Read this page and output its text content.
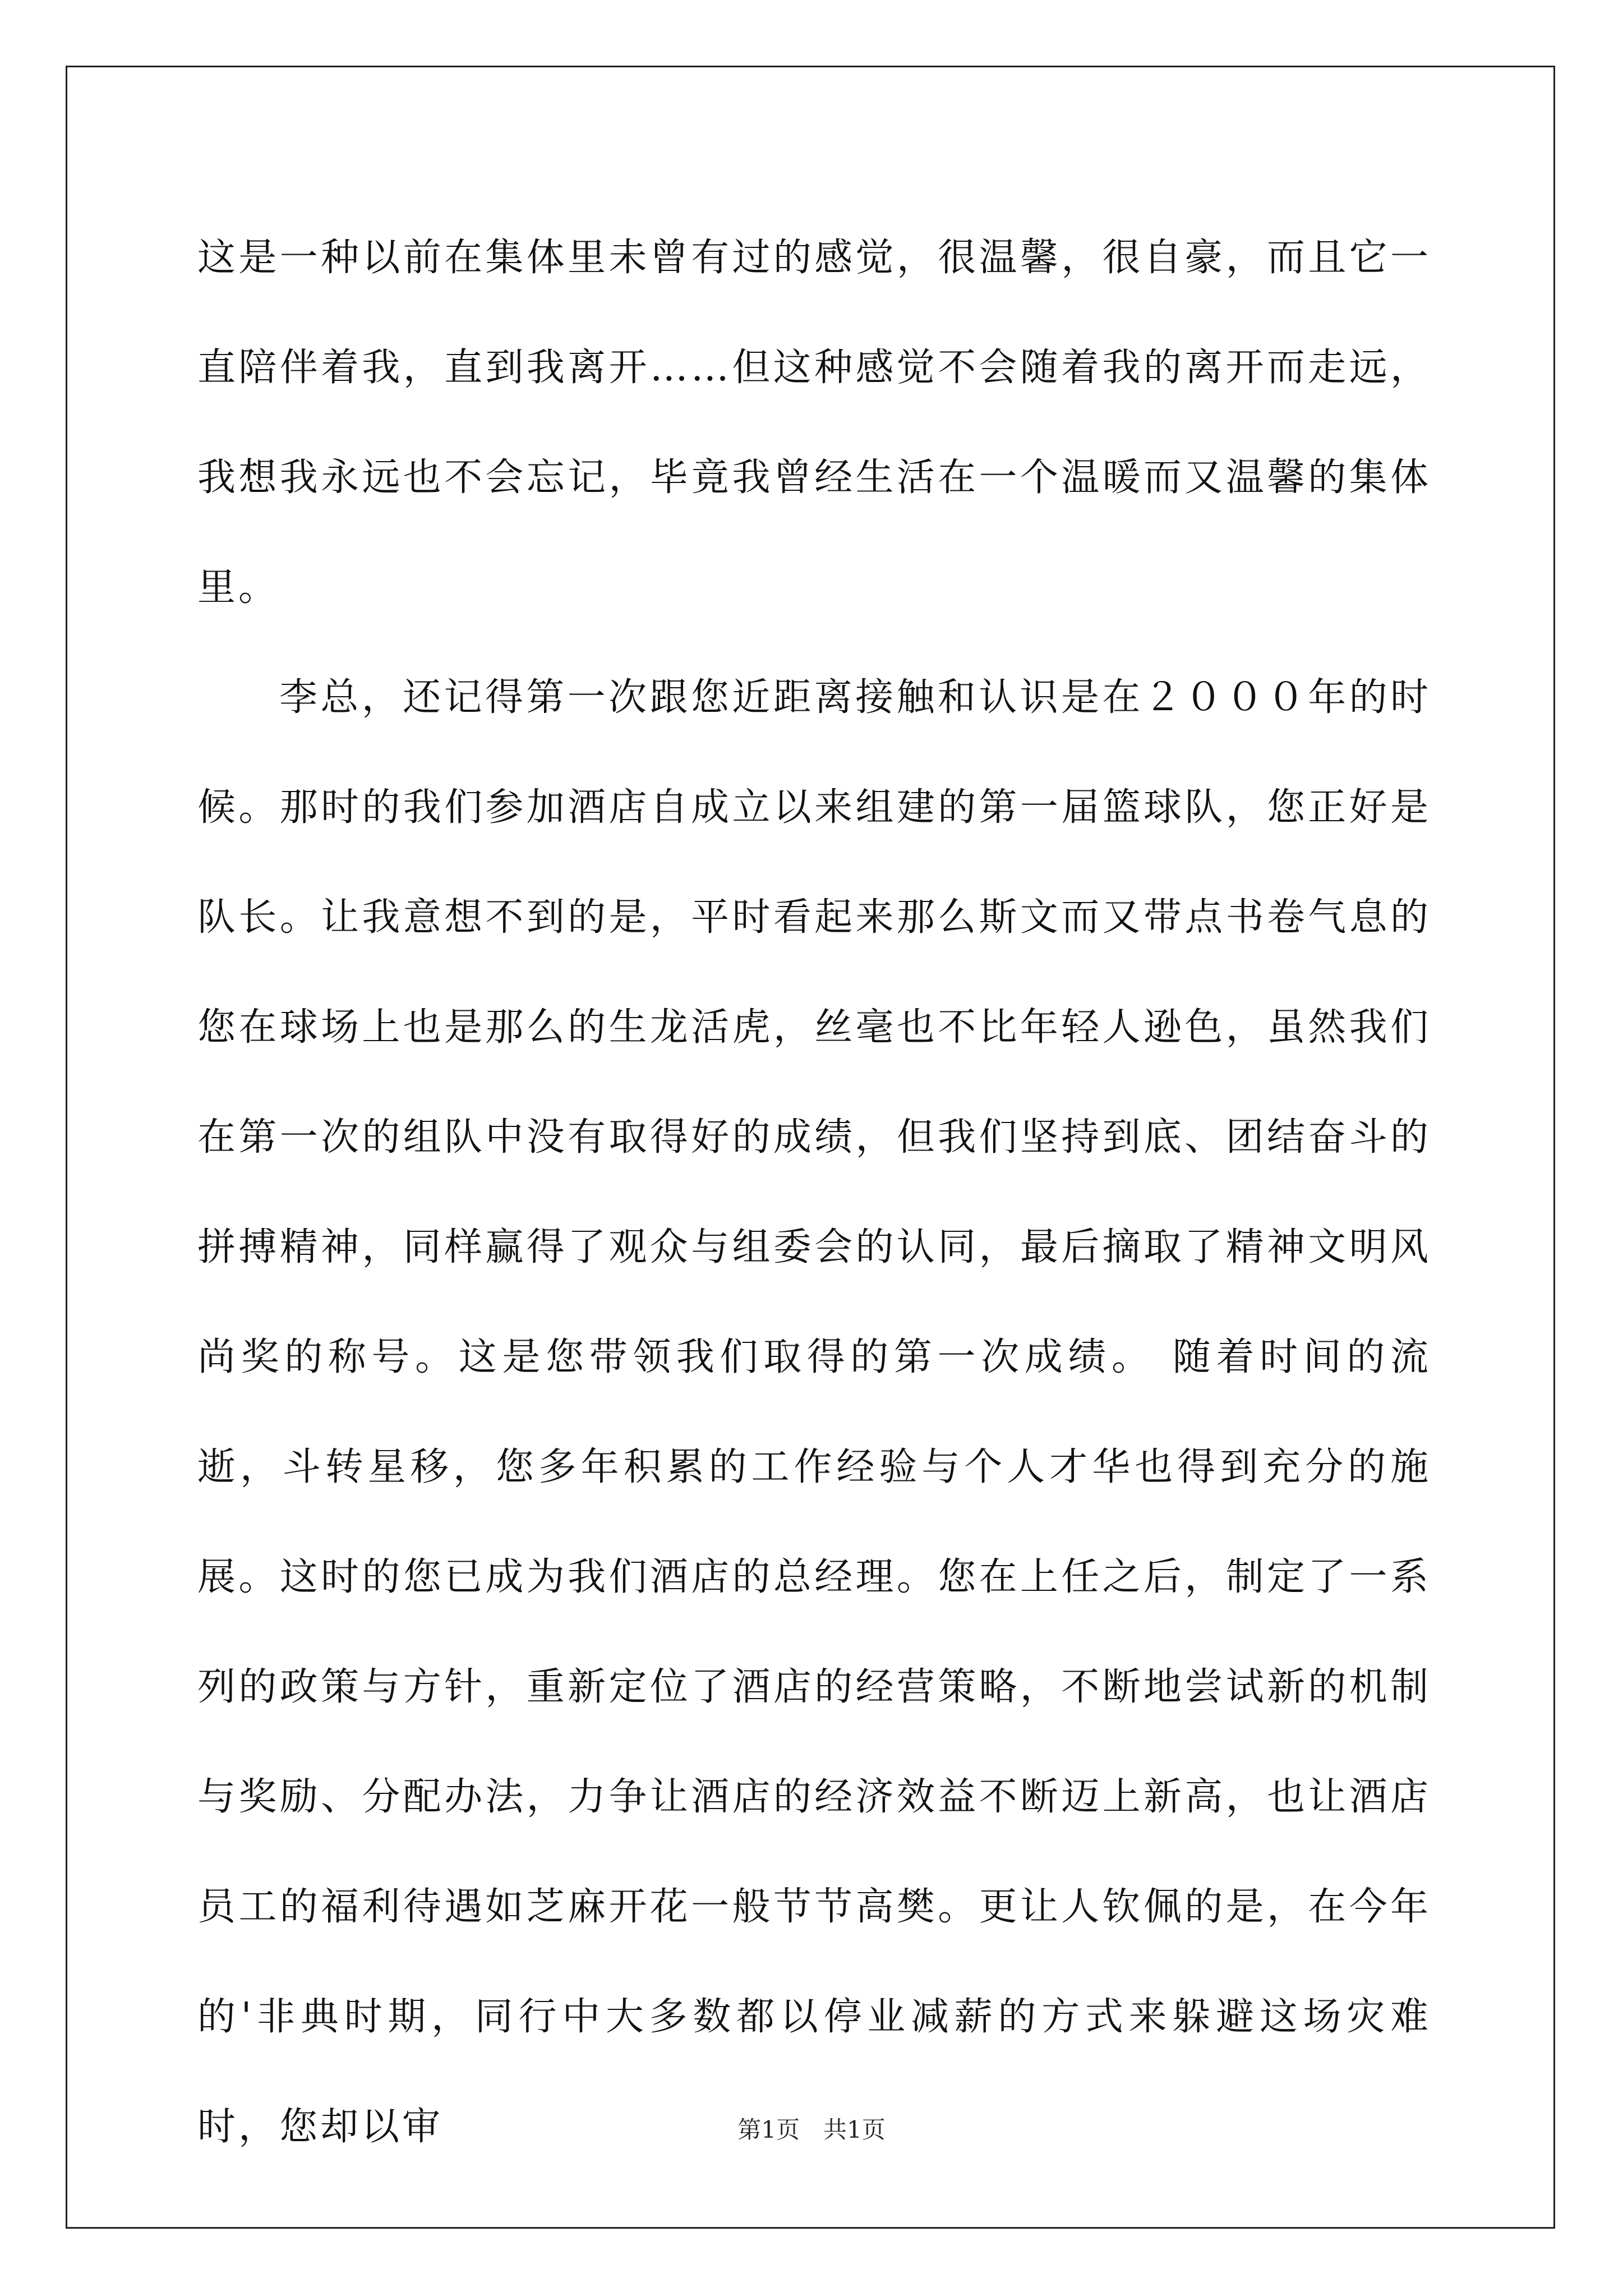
这是一种以前在集体里未曾有过的感觉，很温馨，很自豪，而且它一直陪伴着我，直到我离开……但这种感觉不会随着我的离开而走远，我想我永远也不会忘记，毕竟我曾经生活在一个温暖而又温馨的集体里。

李总，还记得第一次跟您近距离接触和认识是在２０００年的时候。那时的我们参加酒店自成立以来组建的第一届篮球队，您正好是队长。让我意想不到的是，平时看起来那么斯文而又带点书卷气息的您在球场上也是那么的生龙活虎，丝毫也不比年轻人逊色，虽然我们在第一次的组队中没有取得好的成绩，但我们坚持到底、团结奋斗的拼搏精神，同样赢得了观众与组委会的认同，最后摘取了精神文明风尚奖的称号。这是您带领我们取得的第一次成绩。 随着时间的流逝，斗转星移，您多年积累的工作经验与个人才华也得到充分的施展。这时的您已成为我们酒店的总经理。您在上任之后，制定了一系列的政策与方针，重新定位了酒店的经营策略，不断地尝试新的机制与奖励、分配办法，力争让酒店的经济效益不断迈上新高，也让酒店员工的福利待遇如芝麻开花一般节节高樊。更让人钦佩的是，在今年的'非典时期，同行中大多数都以停业减薪的方式来躲避这场灾难时，您却以审	第1页　共1页
